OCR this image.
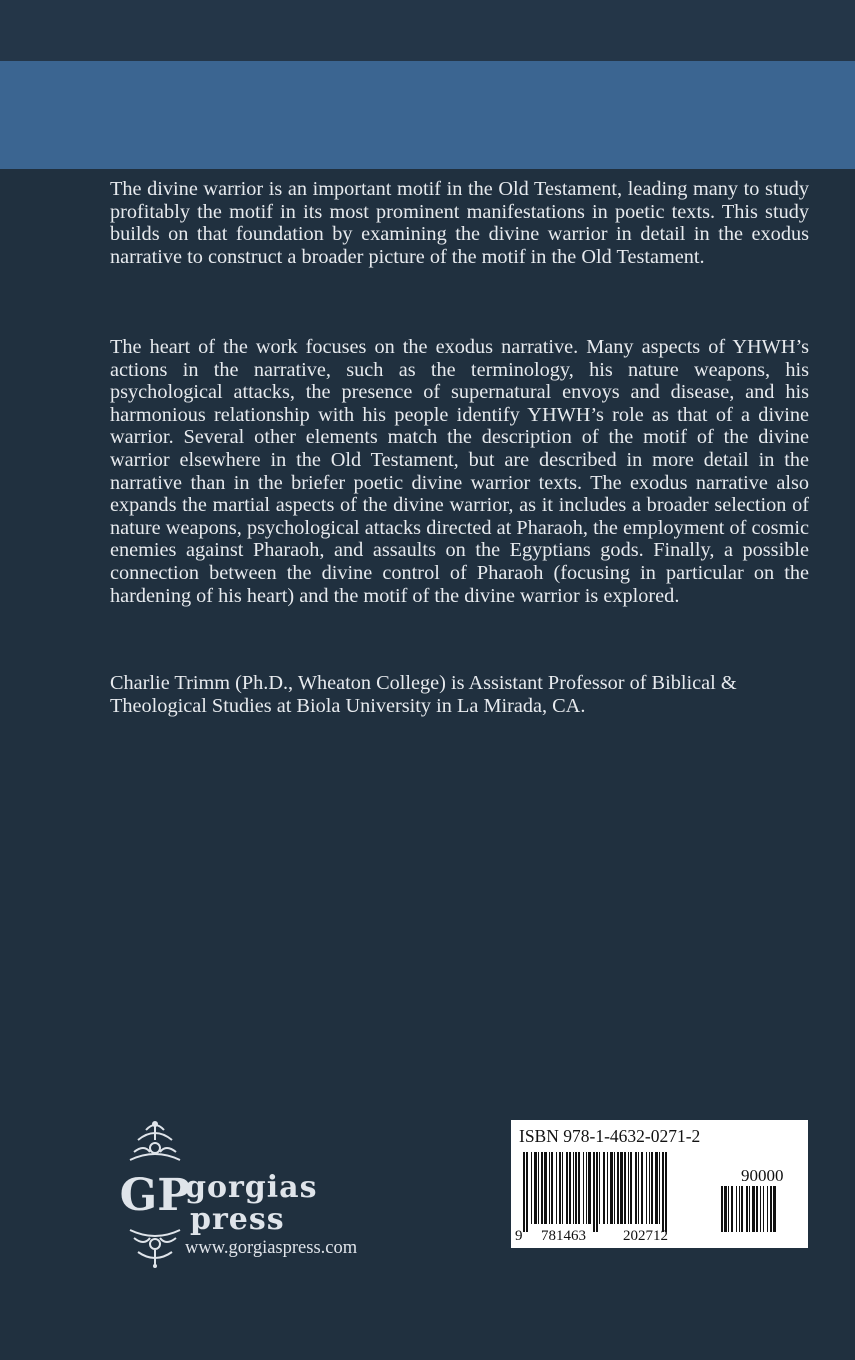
The divine warrior is an important motif in the Old Testament, leading many to study profitably the motif in its most prominent manifestations in poetic texts. This study builds on that foundation by examining the divine warrior in detail in the exodus narrative to construct a broader picture of the motif in the Old Testament.
The heart of the work focuses on the exodus narrative. Many aspects of YHWH’s actions in the narrative, such as the terminology, his nature weapons, his psychological attacks, the presence of supernatural envoys and disease, and his harmonious relationship with his people identify YHWH’s role as that of a divine warrior. Several other elements match the description of the motif of the divine warrior elsewhere in the Old Testament, but are described in more detail in the narrative than in the briefer poetic divine warrior texts. The exodus narrative also expands the martial aspects of the divine warrior, as it includes a broader selection of nature weapons, psychological attacks directed at Pharaoh, the employment of cosmic enemies against Pharaoh, and assaults on the Egyptians gods. Finally, a possible connection between the divine control of Pharaoh (focusing in particular on the hardening of his heart) and the motif of the divine warrior is explored.
Charlie Trimm (Ph.D., Wheaton College) is Assistant Professor of Biblical & Theological Studies at Biola University in La Mirada, CA.
GP
gorgias
press
www.gorgiaspress.com
ISBN 978-1-4632-0271-2
90000
9 781463 202712
